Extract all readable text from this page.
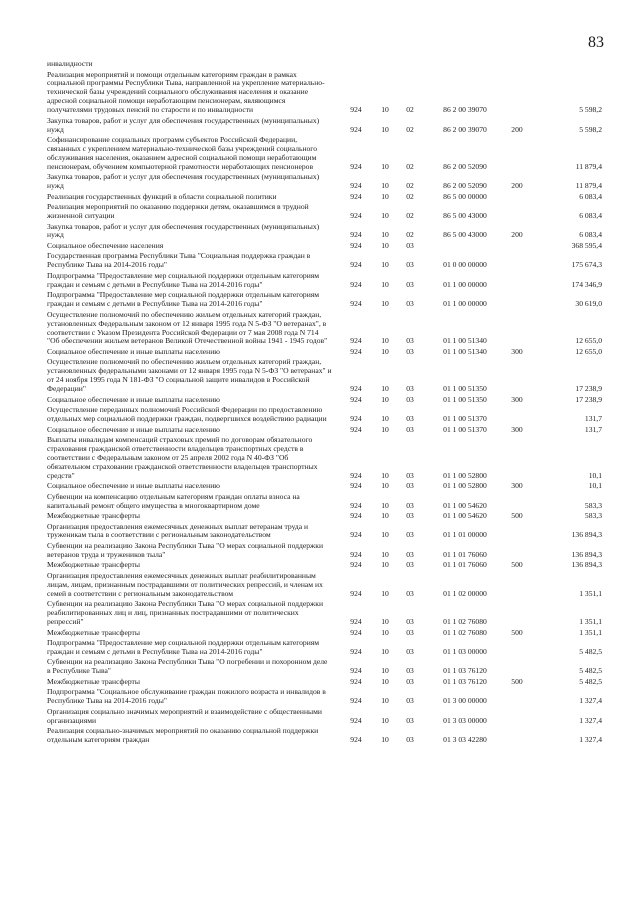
83
инвалидности
Реализация мероприятий и помощи отдельным категориям граждан в рамках социальной программы Республики Тыва, направленной на укрепление материально-технической базы учреждений социального обслуживания населения и оказание адресной социальной помощи неработающим пенсионерам, являющимся получателями трудовых пенсий по старости и по инвалидности	924	10	02	86 2 00 39070	5 598,2
Закупка товаров, работ и услуг для обеспечения государственных (муниципальных) нужд	924	10	02	86 2 00 39070	200	5 598,2
Софинансирование социальных программ субъектов Российской Федерации, связанных с укреплением материально-технической базы учреждений социального обслуживания населения, оказанием адресной социальной помощи неработающим пенсионерам, обучением компьютерной грамотности неработающих пенсионеров	924	10	02	86 2 00 52090	11 879,4
Закупка товаров, работ и услуг для обеспечения государственных (муниципальных) нужд	924	10	02	86 2 00 52090	200	11 879,4
Реализация государственных функций в области социальной политики	924	10	02	86 5 00 00000	6 083,4
Реализация мероприятий по оказанию поддержки детям, оказавшимся в трудной жизненной ситуации	924	10	02	86 5 00 43000	6 083,4
Закупка товаров, работ и услуг для обеспечения государственных (муниципальных) нужд	924	10	02	86 5 00 43000	200	6 083,4
Социальное обеспечение населения	924	10	03	368 595,4
Государственная программа Республики Тыва "Социальная поддержка граждан в Республике Тыва на 2014-2016 годы"	924	10	03	01 0 00 00000	175 674,3
Подпрограмма "Предоставление мер социальной поддержки отдельным категориям граждан и семьям с детьми в Республике Тыва на 2014-2016 годы"	924	10	03	01 1 00 00000	174 346,9
Подпрограмма "Предоставление мер социальной поддержки отдельным категориям граждан и семьям с детьми в Республике Тыва на 2014-2016 годы"	924	10	03	01 1 00 00000	30 619,0
Осуществление полномочий по обеспечению жильем отдельных категорий граждан, установленных Федеральным законом от 12 января 1995 года N 5-ФЗ "О ветеранах", в соответствии с Указом Президента Российской Федерации от 7 мая 2008 года N 714 "Об обеспечении жильем ветеранов Великой Отечественной войны 1941 - 1945 годов"	924	10	03	01 1 00 51340	12 655,0
Социальное обеспечение и иные выплаты населению	924	10	03	01 1 00 51340	300	12 655,0
Осуществление полномочий по обеспечению жильем отдельных категорий граждан, установленных федеральными законами от 12 января 1995 года N 5-ФЗ "О ветеранах" и от 24 ноября 1995 года N 181-ФЗ "О социальной защите инвалидов в Российской Федерации"	924	10	03	01 1 00 51350	17 238,9
Социальное обеспечение и иные выплаты населению	924	10	03	01 1 00 51350	300	17 238,9
Осуществление переданных полномочий Российской Федерации по предоставлению отдельных мер социальной поддержки граждан, подвергшихся воздействию радиации	924	10	03	01 1 00 51370	131,7
Социальное обеспечение и иные выплаты населению	924	10	03	01 1 00 51370	300	131,7
Выплаты инвалидам компенсаций страховых премий по договорам обязательного страхования гражданской ответственности владельцев транспортных средств в соответствии с Федеральным законом от 25 апреля 2002 года N 40-ФЗ "Об обязательном страховании гражданской ответственности владельцев транспортных средств"	924	10	03	01 1 00 52800	10,1
Социальное обеспечение и иные выплаты населению	924	10	03	01 1 00 52800	300	10,1
Субвенции на компенсацию отдельным категориям граждан оплаты взноса на капитальный ремонт общего имущества в многоквартирном доме	924	10	03	01 1 00 54620	583,3
Межбюджетные трансферты	924	10	03	01 1 00 54620	500	583,3
Организация предоставления ежемесячных денежных выплат ветеранам труда и труженикам тыла в соответствии с региональным законодательством	924	10	03	01 1 01 00000	136 894,3
Субвенции на реализацию Закона Республики Тыва "О мерах социальной поддержки ветеранов труда и тружеников тыла"	924	10	03	01 1 01 76060	136 894,3
Межбюджетные трансферты	924	10	03	01 1 01 76060	500	136 894,3
Организация предоставления ежемесячных денежных выплат реабилитированным лицам, лицам, признанным пострадавшими от политических репрессий, и членам их семей в соответствии с региональным законодательством	924	10	03	01 1 02 00000	1 351,1
Субвенции на реализацию Закона Республики Тыва "О мерах социальной поддержки реабилитированных лиц и лиц, признанных пострадавшими от политических репрессий"	924	10	03	01 1 02 76080	1 351,1
Межбюджетные трансферты	924	10	03	01 1 02 76080	500	1 351,1
Подпрограмма "Предоставление мер социальной поддержки отдельным категориям граждан и семьям с детьми в Республике Тыва на 2014-2016 годы"	924	10	03	01 1 03 00000	5 482,5
Субвенции на реализацию Закона Республики Тыва "О погребении и похоронном деле в Республике Тыва"	924	10	03	01 1 03 76120	5 482,5
Межбюджетные трансферты	924	10	03	01 1 03 76120	500	5 482,5
Подпрограмма "Социальное обслуживание граждан пожилого возраста и инвалидов в Республике Тыва на 2014-2016 годы"	924	10	03	01 3 00 00000	1 327,4
Организация социально значимых мероприятий и взаимодействие с общественными организациями	924	10	03	01 3 03 00000	1 327,4
Реализация социально-значимых мероприятий по оказанию социальной поддержки отдельным категориям граждан	924	10	03	01 3 03 42280	1 327,4
